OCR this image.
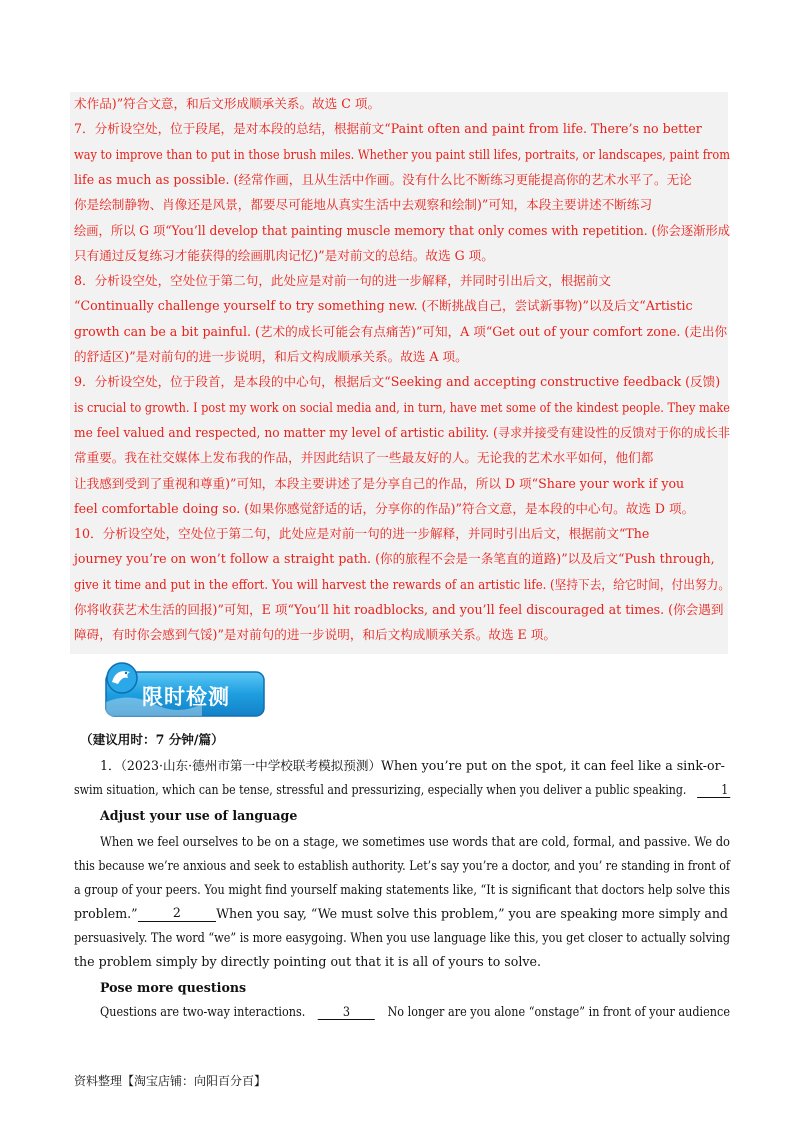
术作品)”符合文意，和后文形成顺承关系。故选 C 项。
7．分析设空处，位于段尾，是对本段的总结，根据前文“Paint often and paint from life. There’s no better
way to improve than to put in those brush miles. Whether you paint still lifes, portraits, or landscapes, paint from
life as much as possible. (经常作画，且从生活中作画。没有什么比不断练习更能提高你的艺术水平了。无论
你是绘制静物、肖像还是风景，都要尽可能地从真实生活中去观察和绘制)”可知，本段主要讲述不断练习
绘画，所以 G 项“You’ll develop that painting muscle memory that only comes with repetition. (你会逐渐形成
只有通过反复练习才能获得的绘画肌肉记忆)”是对前文的总结。故选 G 项。
8．分析设空处，空处位于第二句，此处应是对前一句的进一步解释，并同时引出后文，根据前文
“Continually challenge yourself to try something new. (不断挑战自己，尝试新事物)”以及后文“Artistic
growth can be a bit painful. (艺术的成长可能会有点痛苦)”可知，A 项“Get out of your comfort zone. (走出你
的舒适区)”是对前句的进一步说明，和后文构成顺承关系。故选 A 项。
9．分析设空处，位于段首，是本段的中心句，根据后文“Seeking and accepting constructive feedback (反馈)
is crucial to growth. I post my work on social media and, in turn, have met some of the kindest people. They make
me feel valued and respected, no matter my level of artistic ability. (寻求并接受有建设性的反馈对于你的成长非
常重要。我在社交媒体上发布我的作品，并因此结识了一些最友好的人。无论我的艺术水平如何，他们都
让我感到受到了重视和尊重)”可知，本段主要讲述了是分享自己的作品，所以 D 项“Share your work if you
feel comfortable doing so. (如果你感觉舒适的话，分享你的作品)”符合文意，是本段的中心句。故选 D 项。
10．分析设空处，空处位于第二句，此处应是对前一句的进一步解释，并同时引出后文，根据前文“The
journey you’re on won’t follow a straight path. (你的旅程不会是一条笔直的道路)”以及后文“Push through,
give it time and put in the effort. You will harvest the rewards of an artistic life. (坚持下去，给它时间，付出努力。
你将收获艺术生活的回报)”可知，E 项“You’ll hit roadblocks, and you’ll feel discouraged at times. (你会遇到
障碍，有时你会感到气馁)”是对前句的进一步说明，和后文构成顺承关系。故选 E 项。
限时检测
（建议用时：7 分钟/篇）
1．（2023·山东·德州市第一中学校联考模拟预测）When you’re put on the spot, it can feel like a sink-or-
swim situation, which can be tense, stressful and pressurizing, especially when you deliver a public speaking.	1
Adjust your use of language
When we feel ourselves to be on a stage, we sometimes use words that are cold, formal, and passive. We do
this because we’re anxious and seek to establish authority. Let’s say you’re a doctor, and you’ re standing in front of
a group of your peers. You might find yourself making statements like, “It is significant that doctors help solve this
problem.”	2	When you say, “We must solve this problem,” you are speaking more simply and
persuasively. The word “we” is more easygoing. When you use language like this, you get closer to actually solving
the problem simply by directly pointing out that it is all of yours to solve.
Pose more questions
Questions are two-way interactions.	3	No longer are you alone “onstage” in front of your audience
资料整理【淘宝店铺：向阳百分百】
